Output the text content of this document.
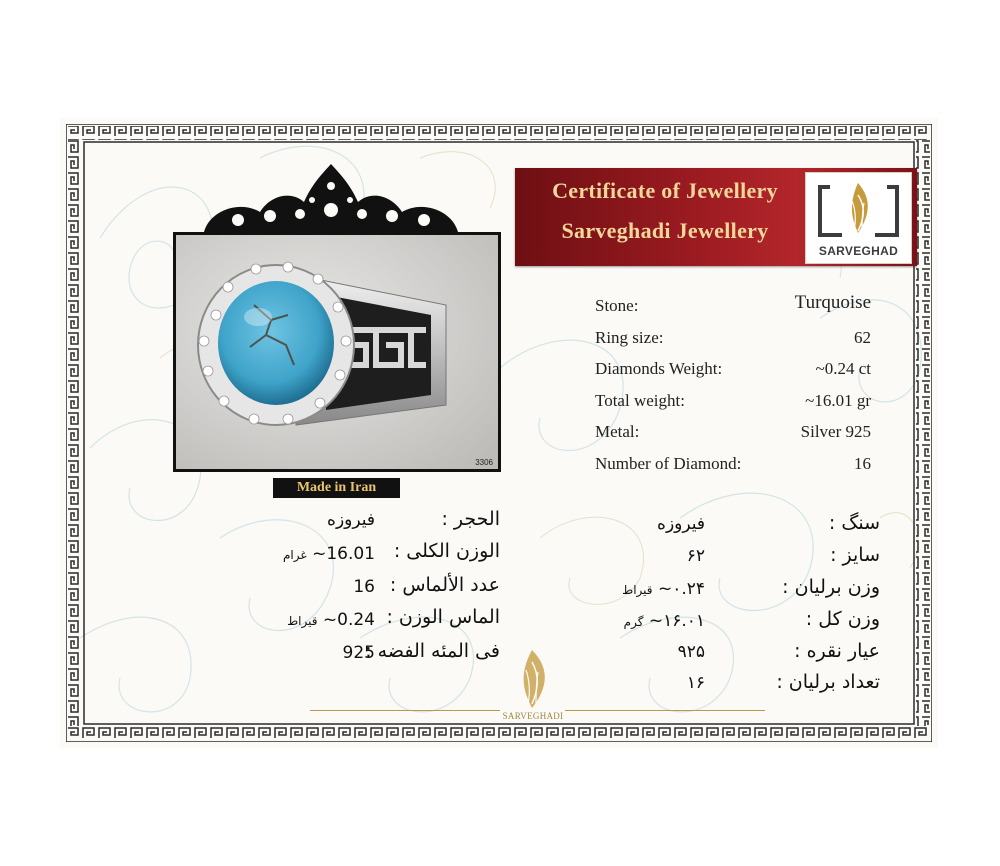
Certificate of Jewellery
Sarveghadi Jewellery
SARVEGHAD
3306
Made in Iran
Stone:	Turquoise
Ring size:	62
Diamonds Weight:	~0.24 ct
Total weight:	~16.01 gr
Metal:	Silver 925
Number of Diamond:	16
الحجر :
فيروزه
الوزن الكلى :
16.01~ غرام
عدد الألماس :
16
الماس الوزن :
0.24~ قيراط
فى المئه الفضه :
925
سنگ :
فیروزه
سایز :
۶۲
وزن برلیان :
۰.۲۴~ قیراط
وزن کل :
۱۶.۰۱~ گرم
عیار نقره :
۹۲۵
تعداد برلیان :
۱۶
SARVEGHADI
